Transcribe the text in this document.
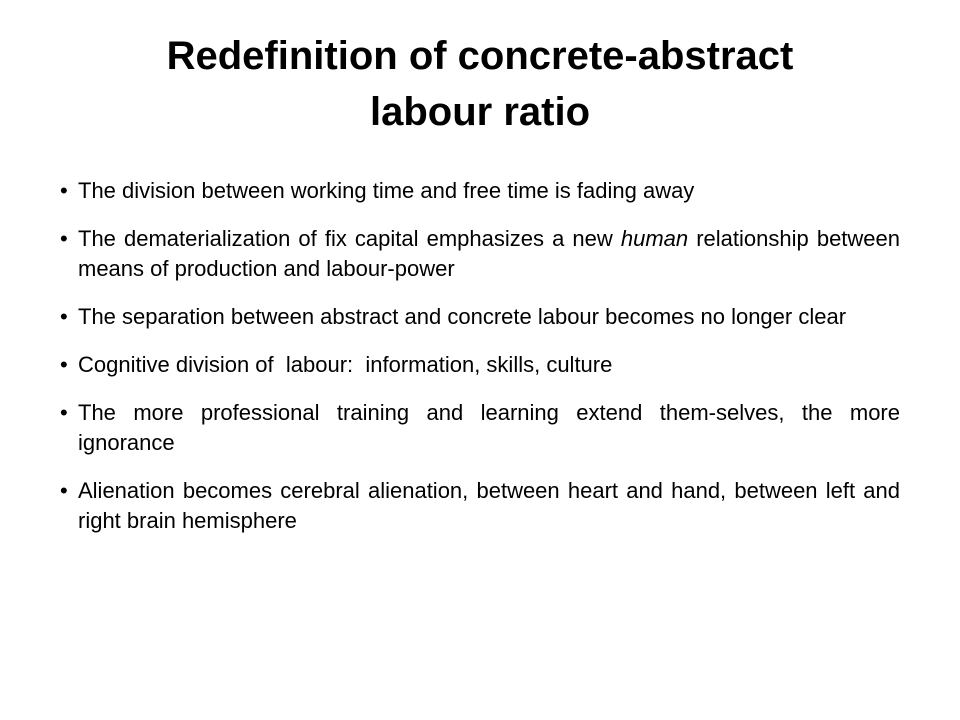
Redefinition of concrete-abstract
labour ratio
• The division between working time and free time is fading away
• The dematerialization of fix capital emphasizes a new human relationship between means of production and labour-power
• The separation between abstract and concrete labour becomes no longer clear
• Cognitive division of  labour:  information, skills, culture
• The more professional training and learning extend them-selves, the more ignorance
• Alienation becomes cerebral alienation, between heart and hand, between left and right brain hemisphere
